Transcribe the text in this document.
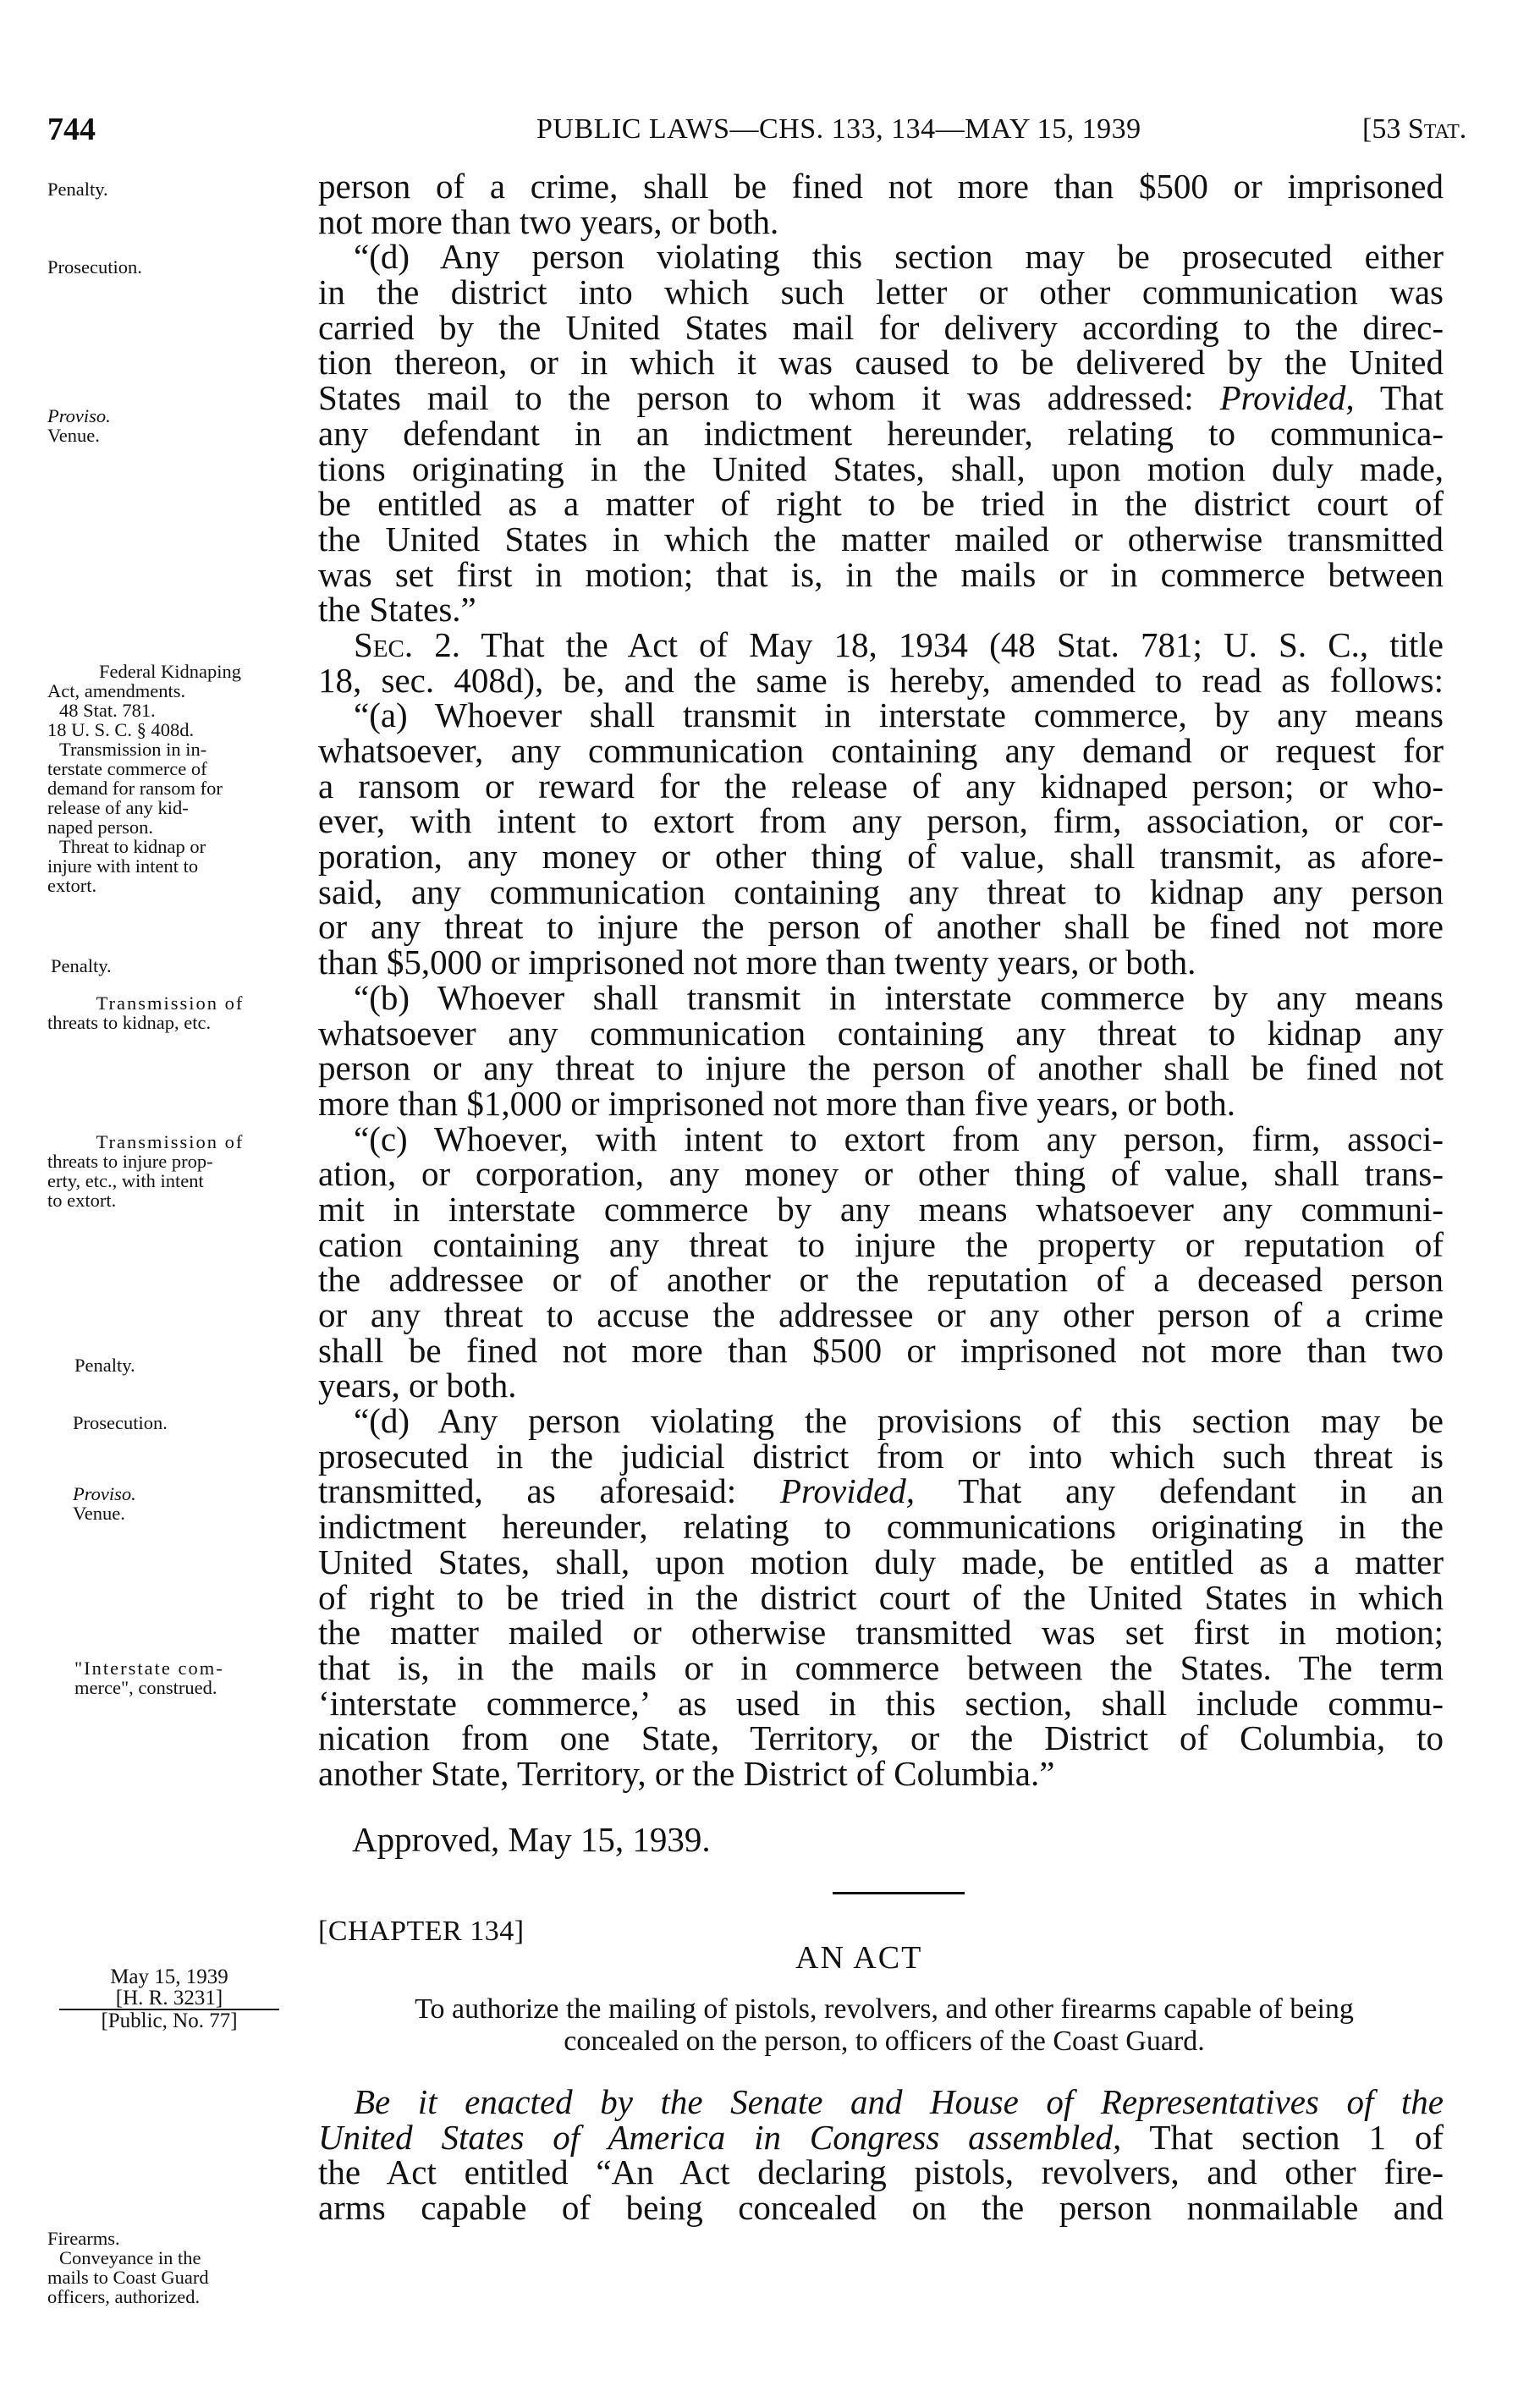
744	PUBLIC LAWS—CHS. 133, 134—MAY 15, 1939	[53 Stat.
Penalty.
Prosecution.
Proviso.
Venue.
Federal Kidnaping
Act, amendments.
48 Stat. 781.
18 U. S. C. § 408d.
Transmission in in-
terstate commerce of
demand for ransom for
release of any kid-
naped person.
Threat to kidnap or
injure with intent to
extort.
Penalty.
Transmission of
threats to kidnap, etc.
Transmission of
threats to injure prop-
erty, etc., with intent
to extort.
Penalty.
Prosecution.
Proviso.
Venue.
"Interstate com-
merce", construed.
Firearms.
Conveyance in the
mails to Coast Guard
officers, authorized.
May 15, 1939
[H. R. 3231]
[Public, No. 77]
person of a crime, shall be fined not more than $500 or imprisoned
not more than two years, or both.
“(d) Any person violating this section may be prosecuted either
in the district into which such letter or other communication was
carried by the United States mail for delivery according to the direc-
tion thereon, or in which it was caused to be delivered by the United
States mail to the person to whom it was addressed: Provided, That
any defendant in an indictment hereunder, relating to communica-
tions originating in the United States, shall, upon motion duly made,
be entitled as a matter of right to be tried in the district court of
the United States in which the matter mailed or otherwise transmitted
was set first in motion; that is, in the mails or in commerce between
the States.”
Sec. 2. That the Act of May 18, 1934 (48 Stat. 781; U. S. C., title
18, sec. 408d), be, and the same is hereby, amended to read as follows:
“(a) Whoever shall transmit in interstate commerce, by any means
whatsoever, any communication containing any demand or request for
a ransom or reward for the release of any kidnaped person; or who-
ever, with intent to extort from any person, firm, association, or cor-
poration, any money or other thing of value, shall transmit, as afore-
said, any communication containing any threat to kidnap any person
or any threat to injure the person of another shall be fined not more
than $5,000 or imprisoned not more than twenty years, or both.
“(b) Whoever shall transmit in interstate commerce by any means
whatsoever any communication containing any threat to kidnap any
person or any threat to injure the person of another shall be fined not
more than $1,000 or imprisoned not more than five years, or both.
“(c) Whoever, with intent to extort from any person, firm, associ-
ation, or corporation, any money or other thing of value, shall trans-
mit in interstate commerce by any means whatsoever any communi-
cation containing any threat to injure the property or reputation of
the addressee or of another or the reputation of a deceased person
or any threat to accuse the addressee or any other person of a crime
shall be fined not more than $500 or imprisoned not more than two
years, or both.
“(d) Any person violating the provisions of this section may be
prosecuted in the judicial district from or into which such threat is
transmitted, as aforesaid: Provided, That any defendant in an
indictment hereunder, relating to communications originating in the
United States, shall, upon motion duly made, be entitled as a matter
of right to be tried in the district court of the United States in which
the matter mailed or otherwise transmitted was set first in motion;
that is, in the mails or in commerce between the States. The term
‘interstate commerce,’ as used in this section, shall include commu-
nication from one State, Territory, or the District of Columbia, to
another State, Territory, or the District of Columbia.”
Approved, May 15, 1939.
[CHAPTER 134]
AN ACT
To authorize the mailing of pistols, revolvers, and other firearms capable of being
concealed on the person, to officers of the Coast Guard.
Be it enacted by the Senate and House of Representatives of the
United States of America in Congress assembled, That section 1 of
the Act entitled “An Act declaring pistols, revolvers, and other fire-
arms capable of being concealed on the person nonmailable and
